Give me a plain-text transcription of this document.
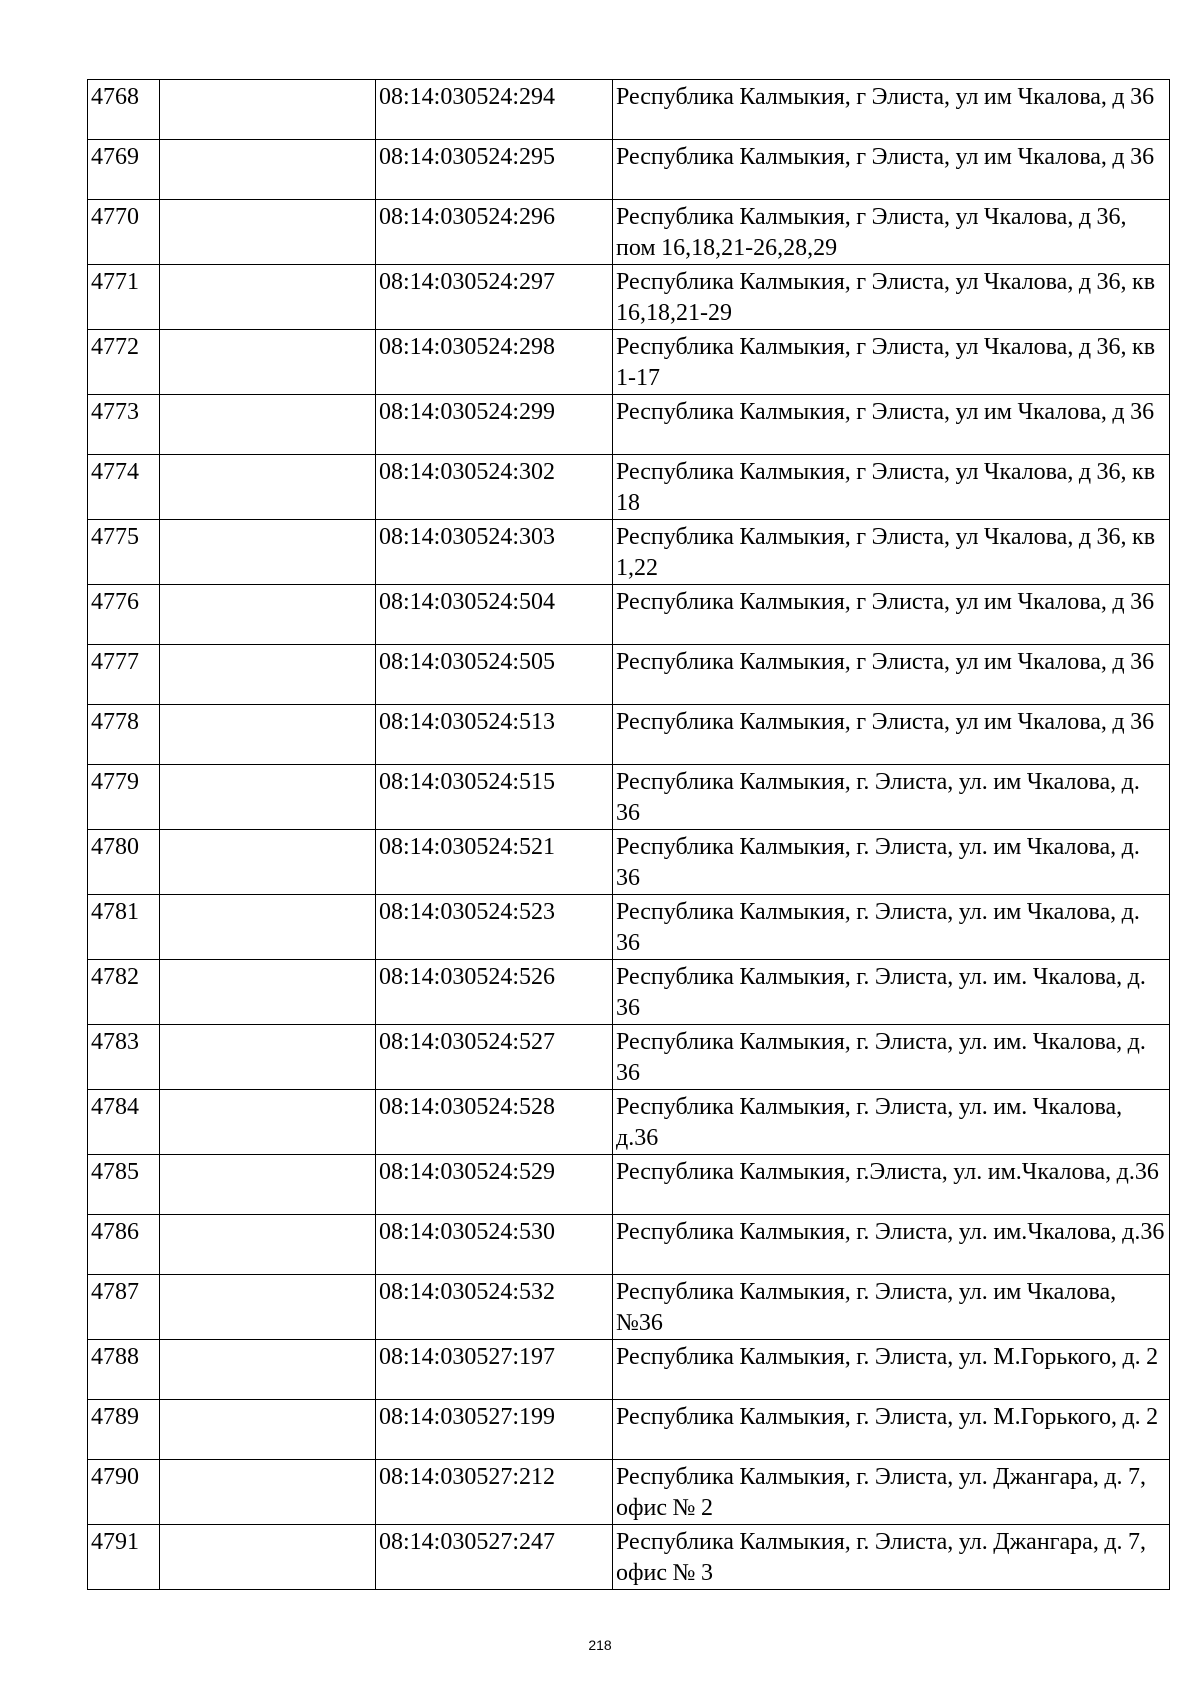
4768		08:14:030524:294	Республика Калмыкия, г Элиста, ул им Чкалова, д 36
4769		08:14:030524:295	Республика Калмыкия, г Элиста, ул им Чкалова, д 36
4770		08:14:030524:296	Республика Калмыкия, г Элиста, ул Чкалова, д 36, пом 16,18,21-26,28,29
4771		08:14:030524:297	Республика Калмыкия, г Элиста, ул Чкалова, д 36, кв 16,18,21-29
4772		08:14:030524:298	Республика Калмыкия, г Элиста, ул Чкалова, д 36, кв 1-17
4773		08:14:030524:299	Республика Калмыкия, г Элиста, ул им Чкалова, д 36
4774		08:14:030524:302	Республика Калмыкия, г Элиста, ул Чкалова, д 36, кв 18
4775		08:14:030524:303	Республика Калмыкия, г Элиста, ул Чкалова, д 36, кв 1,22
4776		08:14:030524:504	Республика Калмыкия, г Элиста, ул им Чкалова, д 36
4777		08:14:030524:505	Республика Калмыкия, г Элиста, ул им Чкалова, д 36
4778		08:14:030524:513	Республика Калмыкия, г Элиста, ул им Чкалова, д 36
4779		08:14:030524:515	Республика Калмыкия, г. Элиста, ул. им Чкалова, д. 36
4780		08:14:030524:521	Республика Калмыкия, г. Элиста, ул. им Чкалова, д. 36
4781		08:14:030524:523	Республика Калмыкия, г. Элиста, ул. им Чкалова, д. 36
4782		08:14:030524:526	Республика Калмыкия, г. Элиста, ул. им. Чкалова, д. 36
4783		08:14:030524:527	Республика Калмыкия, г. Элиста, ул. им. Чкалова, д. 36
4784		08:14:030524:528	Республика Калмыкия, г. Элиста, ул. им. Чкалова, д.36
4785		08:14:030524:529	Республика Калмыкия, г.Элиста, ул. им.Чкалова, д.36
4786		08:14:030524:530	Республика Калмыкия, г. Элиста, ул. им.Чкалова, д.36
4787		08:14:030524:532	Республика Калмыкия, г. Элиста, ул. им Чкалова, №36
4788		08:14:030527:197	Республика Калмыкия, г. Элиста, ул. М.Горького, д. 2
4789		08:14:030527:199	Республика Калмыкия, г. Элиста, ул. М.Горького, д. 2
4790		08:14:030527:212	Республика Калмыкия, г. Элиста, ул. Джангара, д. 7, офис № 2
4791		08:14:030527:247	Республика Калмыкия, г. Элиста, ул. Джангара, д. 7, офис № 3
218
